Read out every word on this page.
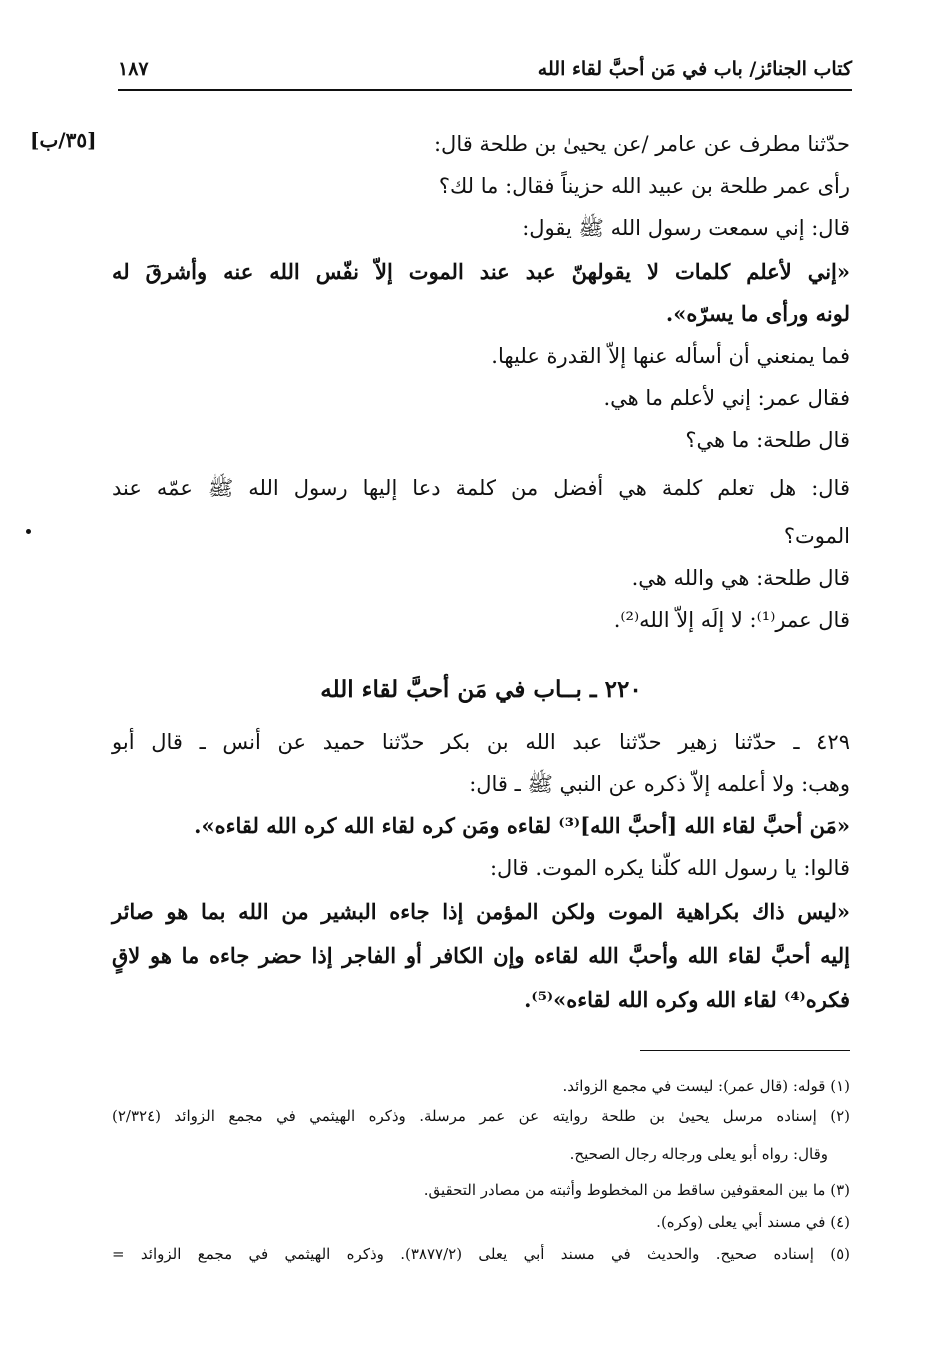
كتاب الجنائز/ باب في مَن أحبَّ لقاء الله
١٨٧
[٣٥/ب]	حدّثنا مطرف عن عامر /عن يحيىٰ بن طلحة قال:
رأى عمر طلحة بن عبيد الله حزيناً فقال: ما لك؟
قال: إني سمعت رسول الله ﷺ يقول:
«إني لأعلم كلمات لا يقولهنّ عبد عند الموت إلاّ نفّس الله عنه وأشرقَ له
لونه ورأى ما يسرّه».
فما يمنعني أن أسأله عنها إلاّ القدرة عليها.
فقال عمر: إني لأعلم ما هي.
قال طلحة: ما هي؟
قال: هل تعلم كلمة هي أفضل من كلمة دعا إليها رسول الله ﷺ عمّه عند
الموت؟
قال طلحة: هي والله هي.
قال عمر⁽¹⁾: لا إلَه إلاّ الله⁽²⁾.
٢٢٠ ـ بــاب في مَن أحبَّ لقاء الله
٤٢٩ ـ حدّثنا زهير حدّثنا عبد الله بن بكر حدّثنا حميد عن أنس ـ قال أبو
وهب: ولا أعلمه إلاّ ذكره عن النبي ﷺ ـ قال:
«مَن أحبَّ لقاء الله [أحبَّ الله]⁽³⁾ لقاءه ومَن كره لقاء الله كره الله لقاءه».
قالوا: يا رسول الله كلّنا يكره الموت. قال:
«ليس ذاك بكراهية الموت ولكن المؤمن إذا جاءه البشير من الله بما هو صائر
إليه أحبَّ لقاء الله وأحبَّ الله لقاءه وإن الكافر أو الفاجر إذا حضر جاءه ما هو لاقٍ
فكره⁽⁴⁾ لقاء الله وكره الله لقاءه»⁽⁵⁾.
(١) قوله: (قال عمر): ليست في مجمع الزوائد.
(٢) إسناده مرسل يحيىٰ بن طلحة روايته عن عمر مرسلة. وذكره الهيثمي في مجمع الزوائد (٢/٣٢٤)
وقال: رواه أبو يعلى ورجاله رجال الصحيح.
(٣) ما بين المعقوفين ساقط من المخطوط وأثبته من مصادر التحقيق.
(٤) في مسند أبي يعلى (وكره).
(٥) إسناده صحيح. والحديث في مسند أبي يعلى (٣٨٧٧/٢). وذكره الهيثمي في مجمع الزوائد =
